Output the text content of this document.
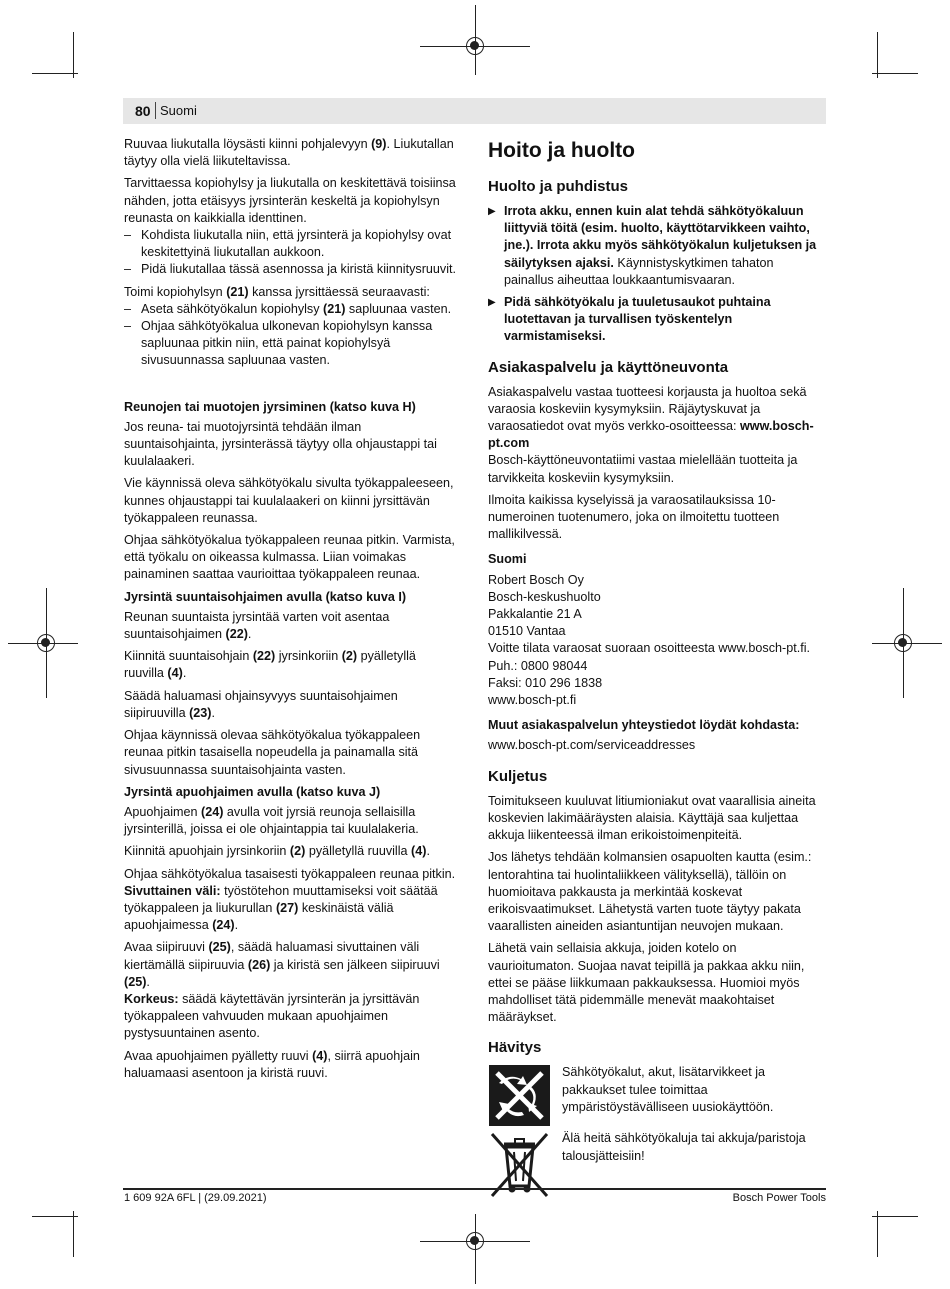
80 Suomi

Ruuvaa liukutalla löysästi kiinni pohjalevyyn (9). Liukutallan täytyy olla vielä liikuteltavissa.

Tarvittaessa kopiohylsy ja liukutalla on keskitettävä toisiinsa nähden, jotta etäisyys jyrsinterän keskeltä ja kopiohylsyn reunasta on kaikkialla identtinen.

– Kohdista liukutalla niin, että jyrsinterä ja kopiohylsy ovat keskitettyinä liukutallan aukkoon.
– Pidä liukutallaa tässä asennossa ja kiristä kiinnitysruuvit.

Toimi kopiohylsyn (21) kanssa jyrsittäessä seuraavasti:

– Aseta sähkötyökalun kopiohylsy (21) sapluunaa vasten.
– Ohjaa sähkötyökalua ulkonevan kopiohylsyn kanssa sapluunaa pitkin niin, että painat kopiohylsyä sivusuunnassa sapluunaa vasten.

Reunojen tai muotojen jyrsiminen (katso kuva H)

Jos reuna- tai muotojyrsintä tehdään ilman suuntaisohjainta, jyrsinterässä täytyy olla ohjaustappi tai kuulalaakeri.

Vie käynnissä oleva sähkötyökalu sivulta työkappaleeseen, kunnes ohjaustappi tai kuulalaakeri on kiinni jyrsittävän työkappaleen reunassa.

Ohjaa sähkötyökalua työkappaleen reunaa pitkin. Varmista, että työkalu on oikeassa kulmassa. Liian voimakas painaminen saattaa vaurioittaa työkappaleen reunaa.

Jyrsintä suuntaisohjaimen avulla (katso kuva I)

Reunan suuntaista jyrsintää varten voit asentaa suuntaisohjaimen (22).

Kiinnitä suuntaisohjain (22) jyrsinkoriin (2) pyälletyllä ruuvilla (4).

Säädä haluamasi ohjainsyvyys suuntaisohjaimen siipiruuvilla (23).

Ohjaa käynnissä olevaa sähkötyökalua työkappaleen reunaa pitkin tasaisella nopeudella ja painamalla sitä sivusuunnassa suuntaisohjainta vasten.

Jyrsintä apuohjaimen avulla (katso kuva J)

Apuohjaimen (24) avulla voit jyrsiä reunoja sellaisilla jyrsinterillä, joissa ei ole ohjaintappia tai kuulalakeria.

Kiinnitä apuohjain jyrsinkoriin (2) pyälletyllä ruuvilla (4).

Ohjaa sähkötyökalua tasaisesti työkappaleen reunaa pitkin.

Sivuttainen väli: työstötehon muuttamiseksi voit säätää työkappaleen ja liukurullan (27) keskinäistä väliä apuohjaimessa (24).

Avaa siipiruuvi (25), säädä haluamasi sivuttainen väli kiertämällä siipiruuvia (26) ja kiristä sen jälkeen siipiruuvi (25).

Korkeus: säädä käytettävän jyrsinterän ja jyrsittävän työkappaleen vahvuuden mukaan apuohjaimen pystysuuntainen asento.

Avaa apuohjaimen pyälletty ruuvi (4), siirrä apuohjain haluamaasi asentoon ja kiristä ruuvi.

Hoito ja huolto
Huolto ja puhdistus
▶ Irrota akku, ennen kuin alat tehdä sähkötyökaluun liittyviä töitä (esim. huolto, käyttötarvikkeen vaihto, jne.). Irrota akku myös sähkötyökalun kuljetuksen ja säilytyksen ajaksi. Käynnistyskytkimen tahaton painallus aiheuttaa loukkaantumisvaaran.
▶ Pidä sähkötyökalu ja tuuletusaukot puhtaina luotettavan ja turvallisen työskentelyn varmistamiseksi.
Asiakaspalvelu ja käyttöneuvonta

Asiakaspalvelu vastaa tuotteesi korjausta ja huoltoa sekä varaosia koskeviin kysymyksiin. Räjäytyskuvat ja varaosatiedot ovat myös verkko-osoitteessa: www.bosch-pt.com

Bosch-käyttöneuvontatiimi vastaa mielellään tuotteita ja tarvikkeita koskeviin kysymyksiin.

Ilmoita kaikissa kyselyissä ja varaosatilauksissa 10-numeroinen tuotenumero, joka on ilmoitettu tuotteen mallikilvessä.

Suomi

Robert Bosch Oy

Bosch-keskushuolto

Pakkalantie 21 A

01510 Vantaa

Voitte tilata varaosat suoraan osoitteesta www.bosch-pt.fi.

Puh.: 0800 98044

Faksi: 010 296 1838

www.bosch-pt.fi

Muut asiakaspalvelun yhteystiedot löydät kohdasta:

www.bosch-pt.com/serviceaddresses

Kuljetus

Toimitukseen kuuluvat litiumioniakut ovat vaarallisia aineita koskevien lakimääräysten alaisia. Käyttäjä saa kuljettaa akkuja liikenteessä ilman erikoistoimenpiteitä.

Jos lähetys tehdään kolmansien osapuolten kautta (esim.: lentorahtina tai huolintaliikkeen välityksellä), tällöin on huomioitava pakkausta ja merkintää koskevat erikoisvaatimukset. Lähetystä varten tuote täytyy pakata vaarallisten aineiden asiantuntijan neuvojen mukaan.

Lähetä vain sellaisia akkuja, joiden kotelo on vaurioitumaton. Suojaa navat teipillä ja pakkaa akku niin, ettei se pääse liikkumaan pakkauksessa. Huomioi myös mahdolliset tätä pidemmälle menevät maakohtaiset määräykset.

Hävitys
Sähkötyökalut, akut, lisätarvikkeet ja pakkaukset tulee toimittaa ympäristöystävälliseen uusiokäyttöön.
Älä heitä sähkötyökaluja tai akkuja/paristoja talousjätteisiin!
1 609 92A 6FL | (29.09.2021)	Bosch Power Tools
